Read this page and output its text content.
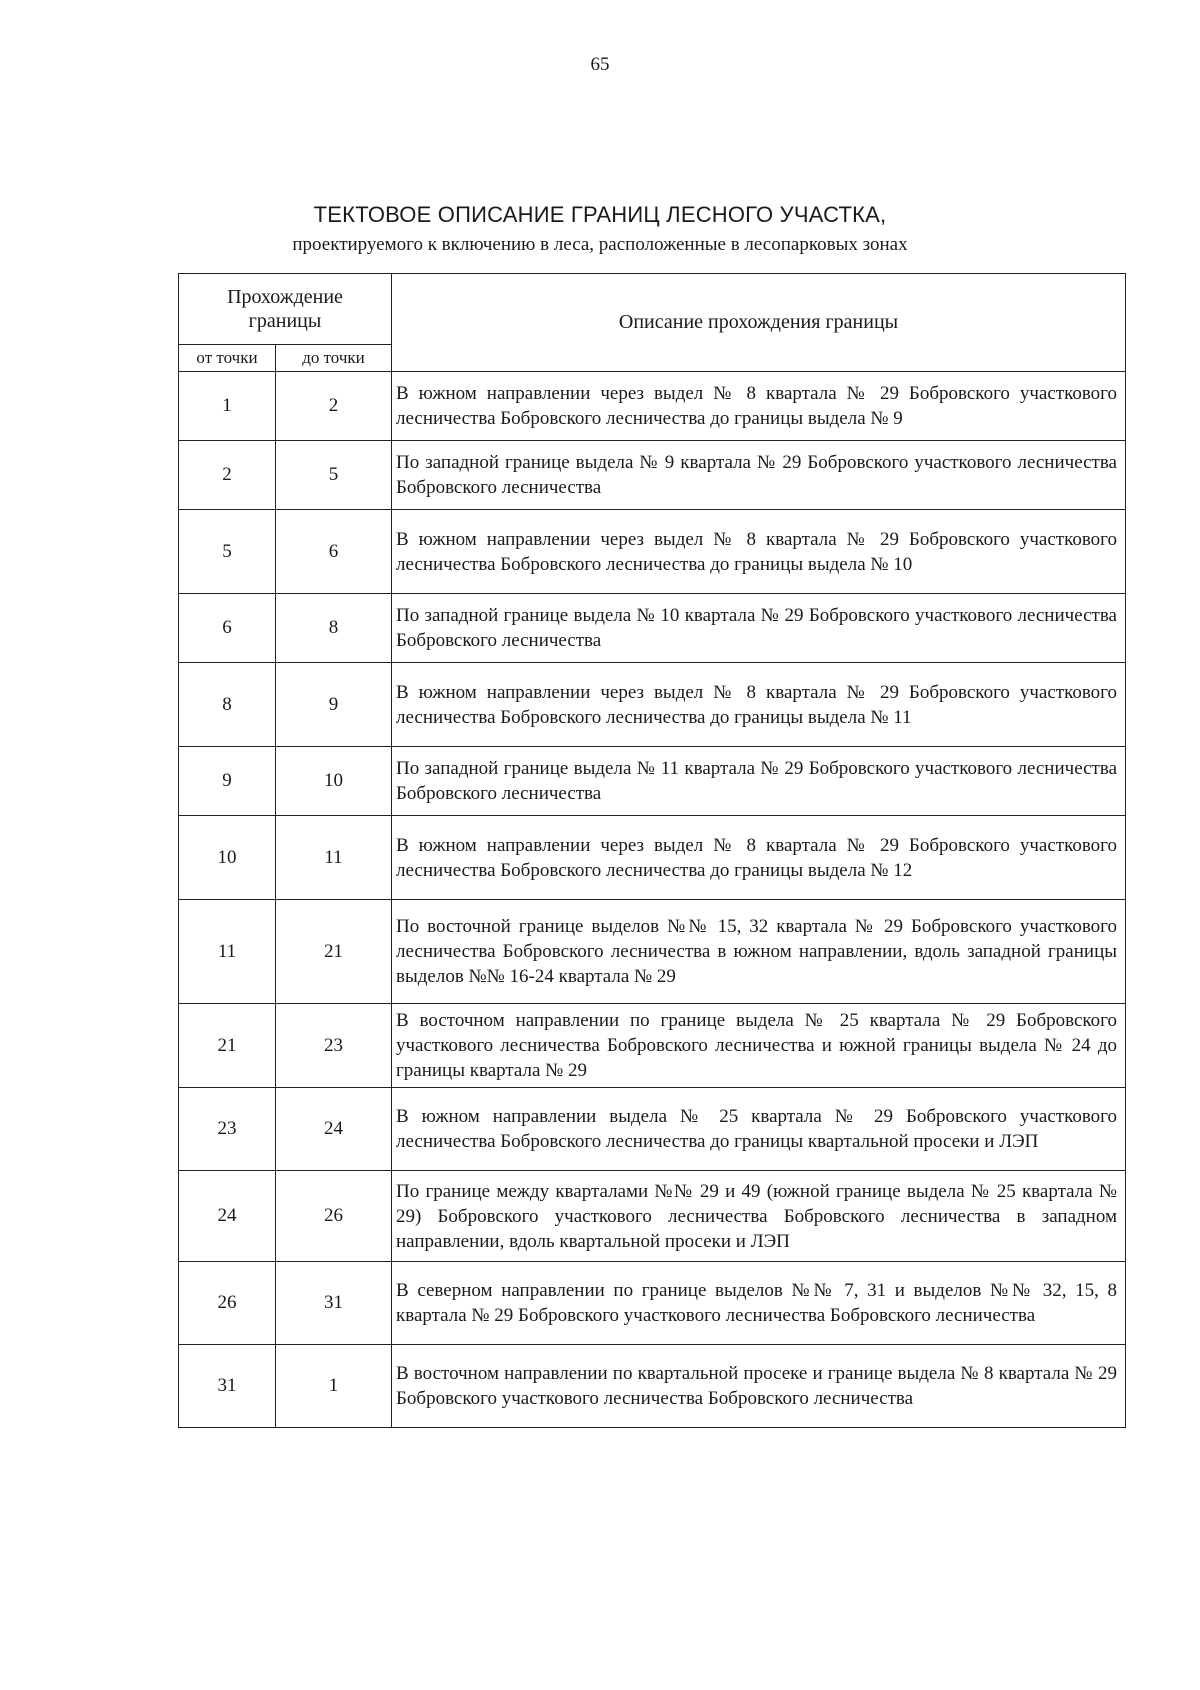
65
ТЕКТОВОЕ ОПИСАНИЕ ГРАНИЦ ЛЕСНОГО УЧАСТКА,
проектируемого к включению в леса, расположенные в лесопарковых зонах
Прохождение границы		Описание прохождения границы
от точки	до точки	
1	2	В южном направлении через выдел № 8 квартала № 29 Бобровского участкового лесничества Бобровского лесничества до границы выдела № 9
2	5	По западной границе выдела № 9 квартала № 29 Бобровского участкового лесничества Бобровского лесничества
5	6	В южном направлении через выдел № 8 квартала № 29 Бобровского участкового лесничества Бобровского лесничества до границы выдела № 10
6	8	По западной границе выдела № 10 квартала № 29 Бобровского участкового лесничества Бобровского лесничества
8	9	В южном направлении через выдел № 8 квартала № 29 Бобровского участкового лесничества Бобровского лесничества до границы выдела № 11
9	10	По западной границе выдела № 11 квартала № 29 Бобровского участкового лесничества Бобровского лесничества
10	11	В южном направлении через выдел № 8 квартала № 29 Бобровского участкового лесничества Бобровского лесничества до границы выдела № 12
11	21	По восточной границе выделов №№ 15, 32 квартала № 29 Бобровского участкового лесничества Бобровского лесничества в южном направлении, вдоль западной границы выделов №№ 16-24 квартала № 29
21	23	В восточном направлении по границе выдела № 25 квартала № 29 Бобровского участкового лесничества Бобровского лесничества и южной границы выдела № 24 до границы квартала № 29
23	24	В южном направлении выдела № 25 квартала № 29 Бобровского участкового лесничества Бобровского лесничества до границы квартальной просеки и ЛЭП
24	26	По границе между кварталами №№ 29 и 49 (южной границе выдела № 25 квартала № 29) Бобровского участкового лесничества Бобровского лесничества в западном направлении, вдоль квартальной просеки и ЛЭП
26	31	В северном направлении по границе выделов №№ 7, 31 и выделов №№ 32, 15, 8 квартала № 29 Бобровского участкового лесничества Бобровского лесничества
31	1	В восточном направлении по квартальной просеке и границе выдела № 8 квартала № 29 Бобровского участкового лесничества Бобровского лесничества
